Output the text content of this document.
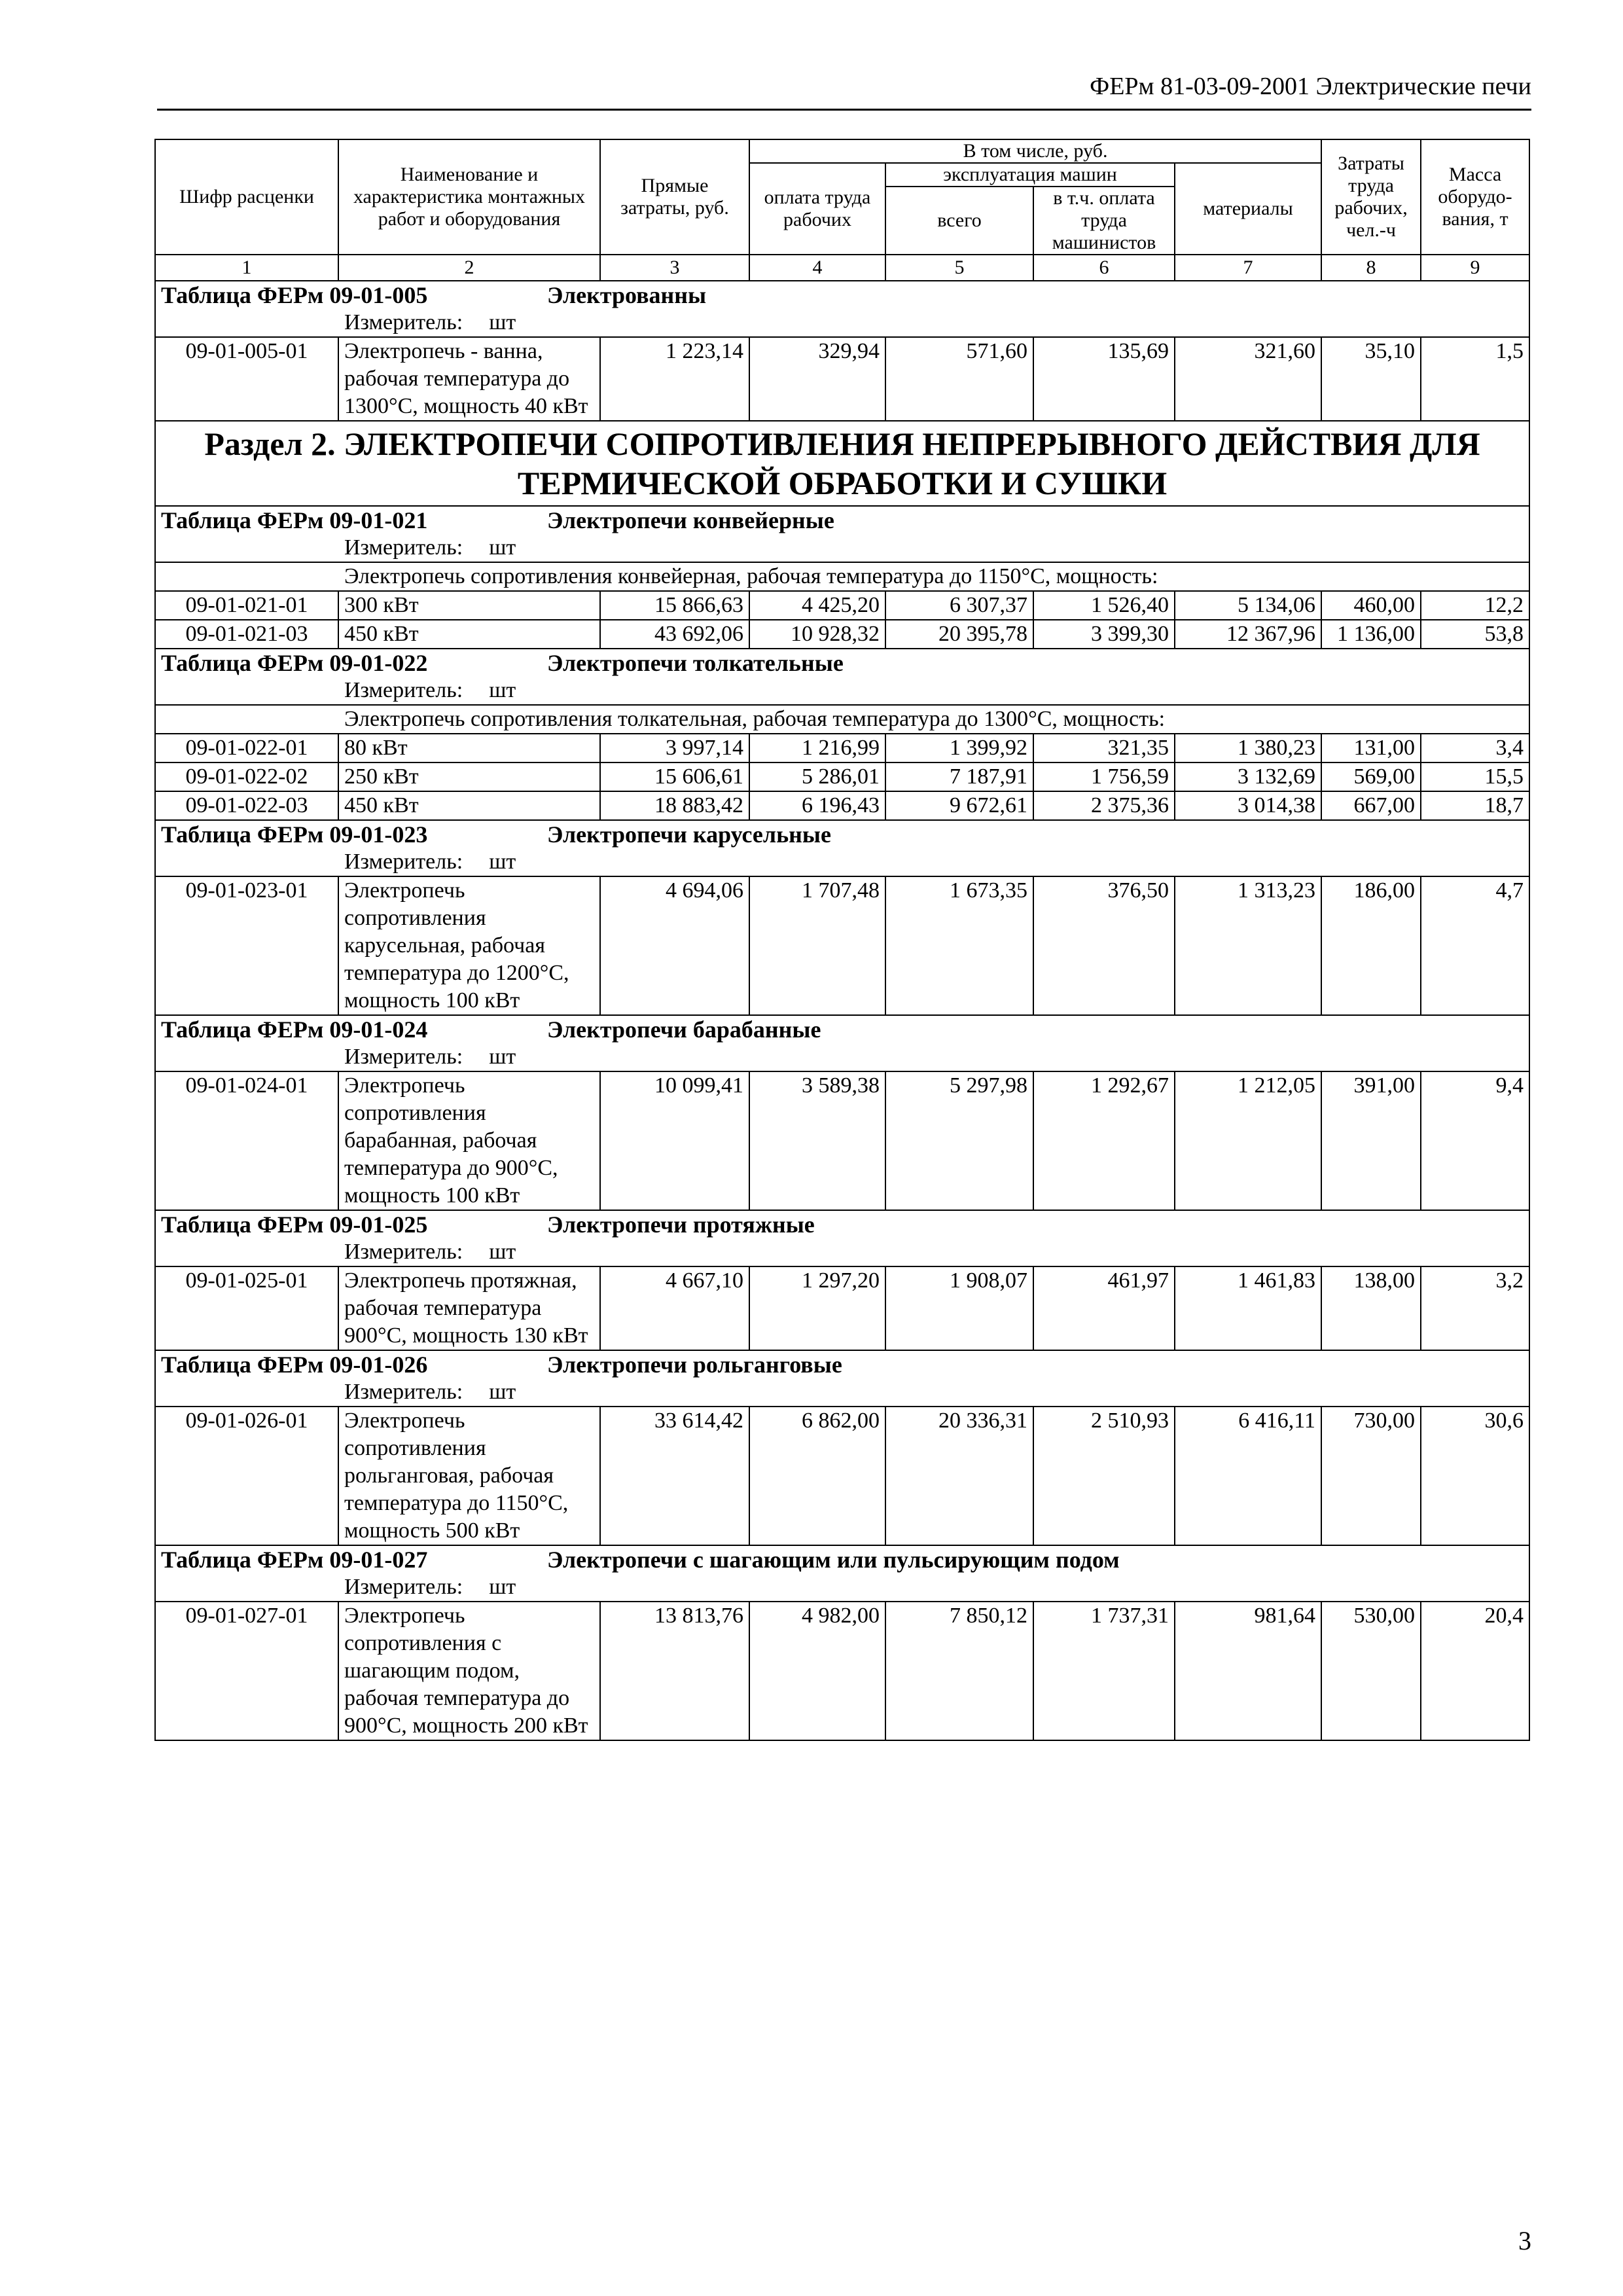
ФЕРм 81-03-09-2001 Электрические печи
Шифр расценки	Наименование и характеристика монтажных работ и оборудования	Прямые затраты, руб.	В том числе, руб.				Затраты труда рабочих, чел.-ч	Масса оборудо-вания, т
			оплата труда рабочих	эксплуатация машин		материалы		
				всего	в т.ч. оплата труда машинистов			
1	2	3	4	5	6	7	8	9
Таблица ФЕРм 09-01-005 Электрованны								
Измеритель: шт								
09-01-005-01	Электропечь - ванна, рабочая температура до 1300°С, мощность 40 кВт	1 223,14	329,94	571,60	135,69	321,60	35,10	1,5
Раздел 2. ЭЛЕКТРОПЕЧИ СОПРОТИВЛЕНИЯ НЕПРЕРЫВНОГО ДЕЙСТВИЯ ДЛЯ ТЕРМИЧЕСКОЙ ОБРАБОТКИ И СУШКИ								
Таблица ФЕРм 09-01-021 Электропечи конвейерные								
Измеритель: шт								
Электропечь сопротивления конвейерная, рабочая температура до 1150°С, мощность:								
09-01-021-01	300 кВт	15 866,63	4 425,20	6 307,37	1 526,40	5 134,06	460,00	12,2
09-01-021-03	450 кВт	43 692,06	10 928,32	20 395,78	3 399,30	12 367,96	1 136,00	53,8
Таблица ФЕРм 09-01-022 Электропечи толкательные								
Измеритель: шт								
Электропечь сопротивления толкательная, рабочая температура до 1300°С, мощность:								
09-01-022-01	80 кВт	3 997,14	1 216,99	1 399,92	321,35	1 380,23	131,00	3,4
09-01-022-02	250 кВт	15 606,61	5 286,01	7 187,91	1 756,59	3 132,69	569,00	15,5
09-01-022-03	450 кВт	18 883,42	6 196,43	9 672,61	2 375,36	3 014,38	667,00	18,7
Таблица ФЕРм 09-01-023 Электропечи карусельные								
Измеритель: шт								
09-01-023-01	Электропечь сопротивления карусельная, рабочая температура до 1200°С, мощность 100 кВт	4 694,06	1 707,48	1 673,35	376,50	1 313,23	186,00	4,7
Таблица ФЕРм 09-01-024 Электропечи барабанные								
Измеритель: шт								
09-01-024-01	Электропечь сопротивления барабанная, рабочая температура до 900°С, мощность 100 кВт	10 099,41	3 589,38	5 297,98	1 292,67	1 212,05	391,00	9,4
Таблица ФЕРм 09-01-025 Электропечи протяжные								
Измеритель: шт								
09-01-025-01	Электропечь протяжная, рабочая температура 900°С, мощность 130 кВт	4 667,10	1 297,20	1 908,07	461,97	1 461,83	138,00	3,2
Таблица ФЕРм 09-01-026 Электропечи рольганговые								
Измеритель: шт								
09-01-026-01	Электропечь сопротивления рольганговая, рабочая температура до 1150°С, мощность 500 кВт	33 614,42	6 862,00	20 336,31	2 510,93	6 416,11	730,00	30,6
Таблица ФЕРм 09-01-027 Электропечи с шагающим или пульсирующим подом								
Измеритель: шт								
09-01-027-01	Электропечь сопротивления с шагающим подом, рабочая температура до 900°С, мощность 200 кВт	13 813,76	4 982,00	7 850,12	1 737,31	981,64	530,00	20,4
3
